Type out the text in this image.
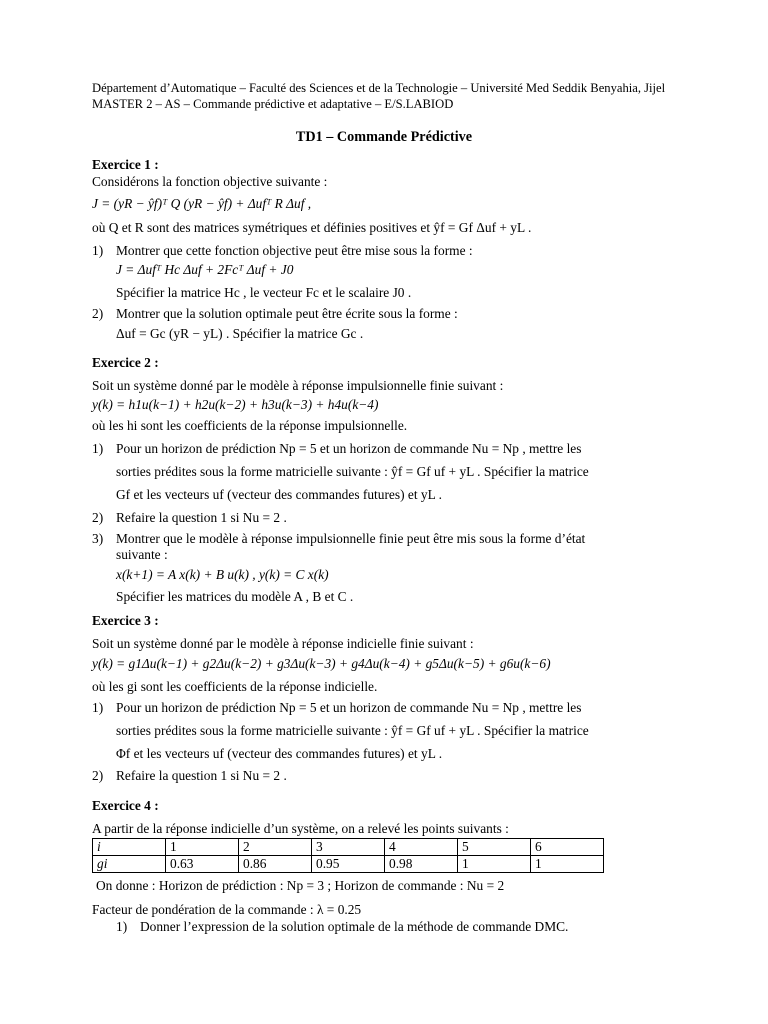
Département d’Automatique – Faculté des Sciences et de la Technologie – Université Med Seddik Benyahia, Jijel
MASTER 2 – AS – Commande prédictive et adaptative – E/S.LABIOD
TD1 – Commande Prédictive
Exercice 1 :
Considérons la fonction objective suivante :
J = (yR − ŷf)ᵀ Q (yR − ŷf) + Δufᵀ R Δuf ,
où Q et R sont des matrices symétriques et définies positives et ŷf = Gf Δuf + yL .
1) Montrer que cette fonction objective peut être mise sous la forme :
J = Δufᵀ Hc Δuf + 2Fcᵀ Δuf + J0
Spécifier la matrice Hc , le vecteur Fc et le scalaire J0 .
2) Montrer que la solution optimale peut être écrite sous la forme :
Δuf = Gc (yR − yL) . Spécifier la matrice Gc .
Exercice 2 :
Soit un système donné par le modèle à réponse impulsionnelle finie suivant :
y(k) = h1u(k−1) + h2u(k−2) + h3u(k−3) + h4u(k−4)
où les hi sont les coefficients de la réponse impulsionnelle.
1) Pour un horizon de prédiction Np = 5 et un horizon de commande Nu = Np , mettre les
sorties prédites sous la forme matricielle suivante : ŷf = Gf uf + yL . Spécifier la matrice
Gf et les vecteurs uf (vecteur des commandes futures) et yL .
2) Refaire la question 1 si Nu = 2 .
3) Montrer que le modèle à réponse impulsionnelle finie peut être mis sous la forme d’état
suivante :
x(k+1) = A x(k) + B u(k) , y(k) = C x(k)
Spécifier les matrices du modèle A , B et C .
Exercice 3 :
Soit un système donné par le modèle à réponse indicielle finie suivant :
y(k) = g1Δu(k−1) + g2Δu(k−2) + g3Δu(k−3) + g4Δu(k−4) + g5Δu(k−5) + g6u(k−6)
où les gi sont les coefficients de la réponse indicielle.
1) Pour un horizon de prédiction Np = 5 et un horizon de commande Nu = Np , mettre les
sorties prédites sous la forme matricielle suivante : ŷf = Gf uf + yL . Spécifier la matrice
Φf et les vecteurs uf (vecteur des commandes futures) et yL .
2) Refaire la question 1 si Nu = 2 .
Exercice 4 :
A partir de la réponse indicielle d’un système, on a relevé les points suivants :
i	1	2	3	4	5	6
gi	0.63	0.86	0.95	0.98	1	1
On donne : Horizon de prédiction : Np = 3 ; Horizon de commande : Nu = 2
Facteur de pondération de la commande : λ = 0.25
1) Donner l’expression de la solution optimale de la méthode de commande DMC.
